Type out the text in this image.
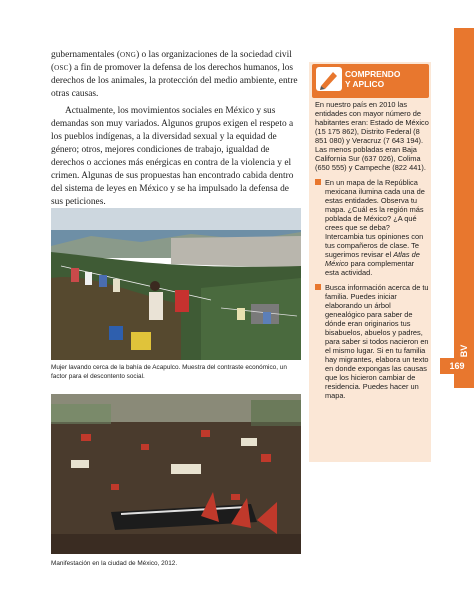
BV
169

gubernamentales (ong) o las organizaciones de la sociedad civil (osc) a fin de promover la defensa de los derechos humanos, los derechos de los animales, la protección del medio ambiente, entre otras causas.

Actualmente, los movimientos sociales en México y sus demandas son muy variados. Algunos grupos exigen el respeto a los pueblos indígenas, a la diversidad sexual y la equidad de género; otros, mejores condiciones de trabajo, igualdad de derechos o acciones más enérgicas en contra de la violencia y el crimen. Algunas de sus propuestas han encontrado cabida dentro del sistema de leyes en México y se ha impulsado la defensa de sus peticiones.

Mujer lavando cerca de la bahía de Acapulco. Muestra del contraste económico, un factor para el descontento social.
Manifestación en la ciudad de México, 2012.
COMPRENDO
Y APLICO

En nuestro país en 2010 las entidades con mayor número de habitantes eran: Estado de México (15 175 862), Distrito Federal (8 851 080) y Veracruz (7 643 194). Las menos pobladas eran Baja California Sur (637 026), Colima (650 555) y Campeche (822 441).

En un mapa de la República mexicana ilumina cada una de estas entidades. Observa tu mapa. ¿Cuál es la región más poblada de México? ¿A qué crees que se deba? Intercambia tus opiniones con tus compañeros de clase. Te sugerimos revisar el Atlas de México para complementar esta actividad.
Busca información acerca de tu familia. Puedes iniciar elaborando un árbol genealógico para saber de dónde eran originarios tus bisabuelos, abuelos y padres, para saber si todos nacieron en el mismo lugar. Si en tu familia hay migrantes, elabora un texto en donde expongas las causas que los hicieron cambiar de residencia. Puedes hacer un mapa.
